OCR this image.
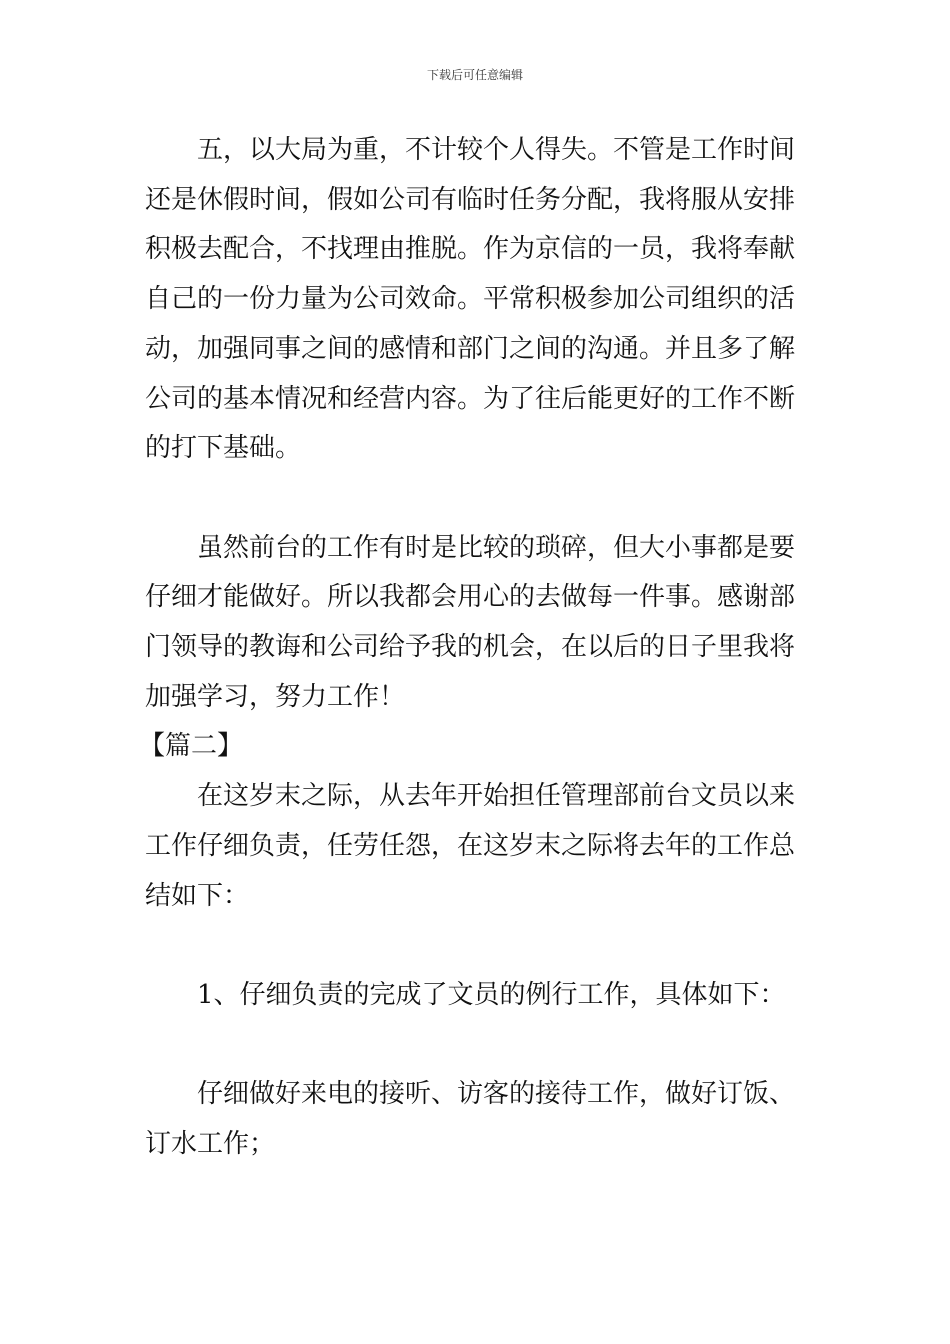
下载后可任意编辑
五，以大局为重，不计较个人得失。不管是工作时间
还是休假时间，假如公司有临时任务分配，我将服从安排
积极去配合，不找理由推脱。作为京信的一员，我将奉献
自己的一份力量为公司效命。平常积极参加公司组织的活
动，加强同事之间的感情和部门之间的沟通。并且多了解
公司的基本情况和经营内容。为了往后能更好的工作不断
的打下基础。
虽然前台的工作有时是比较的琐碎，但大小事都是要
仔细才能做好。所以我都会用心的去做每一件事。感谢部
门领导的教诲和公司给予我的机会，在以后的日子里我将
加强学习，努力工作！
【篇二】
在这岁末之际，从去年开始担任管理部前台文员以来
工作仔细负责，任劳任怨，在这岁末之际将去年的工作总
结如下：
1、仔细负责的完成了文员的例行工作，具体如下：
仔细做好来电的接听、访客的接待工作，做好订饭、
订水工作；
